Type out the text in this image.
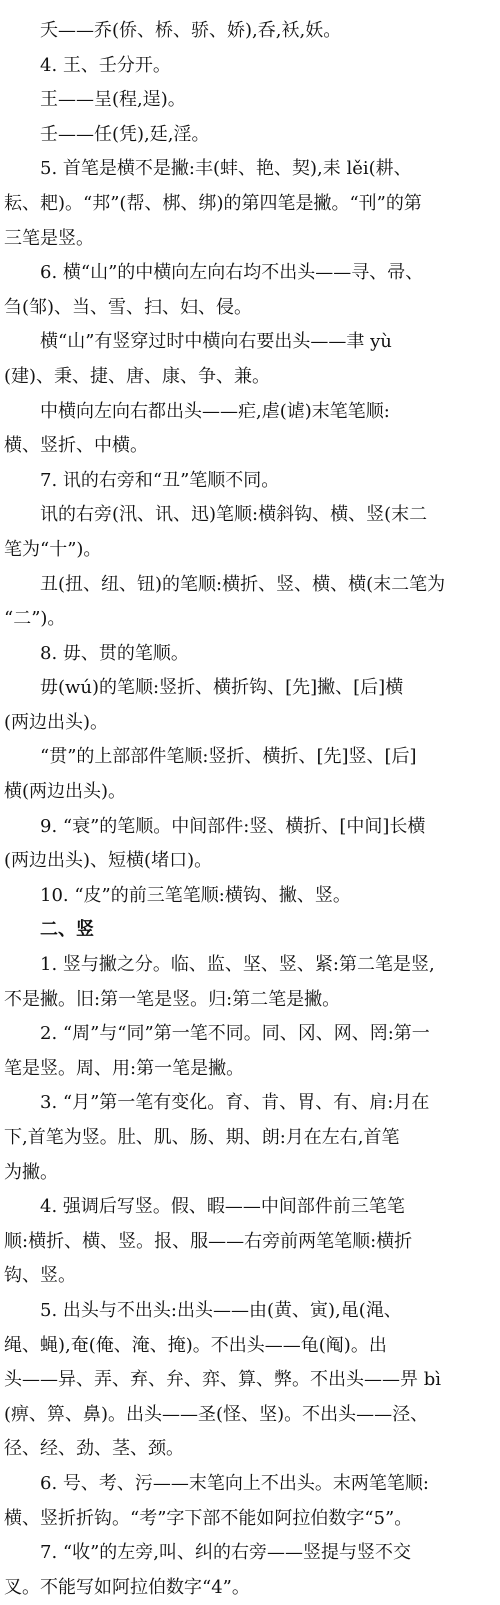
夭——乔(侨、桥、骄、娇),呑,袄,妖。

4. 王、壬分开。

王——呈(程,逞)。

壬——任(凭),廷,淫。

5. 首笔是横不是撇:丰(蚌、艳、契),耒 lěi(耕、

耘、耙)。“邦”(帮、梆、绑)的第四笔是撇。“刊”的第

三笔是竖。

6. 横“山”的中横向左向右均不出头——寻、帚、

刍(邹)、当、雪、扫、妇、侵。

横“山”有竖穿过时中横向右要出头——聿 yù

(建)、秉、捷、唐、康、争、兼。

中横向左向右都出头——疟,虐(谑)末笔笔顺:

横、竖折、中横。

7. 讯的右旁和“丑”笔顺不同。

讯的右旁(汛、讯、迅)笔顺:横斜钩、横、竖(末二

笔为“十”)。

丑(扭、纽、钮)的笔顺:横折、竖、横、横(末二笔为

“二”)。

8. 毋、贯的笔顺。

毋(wú)的笔顺:竖折、横折钩、[先]撇、[后]横

(两边出头)。

“贯”的上部部件笔顺:竖折、横折、[先]竖、[后]

横(两边出头)。

9. “衰”的笔顺。中间部件:竖、横折、[中间]长横

(两边出头)、短横(堵口)。

10. “皮”的前三笔笔顺:横钩、撇、竖。

二、竖

1. 竖与撇之分。临、监、坚、竖、紧:第二笔是竖,

不是撇。旧:第一笔是竖。归:第二笔是撇。

2. “周”与“同”第一笔不同。同、冈、网、罔:第一

笔是竖。周、用:第一笔是撇。

3. “月”第一笔有变化。育、肯、胃、有、肩:月在

下,首笔为竖。肚、肌、肠、期、朗:月在左右,首笔

为撇。

4. 强调后写竖。假、暇——中间部件前三笔笔

顺:横折、横、竖。报、服——右旁前两笔笔顺:横折

钩、竖。

5. 出头与不出头:出头——由(黄、寅),黾(渑、

绳、蝇),奄(俺、淹、掩)。不出头——龟(阄)。出

头——异、弄、弃、弁、弈、算、弊。不出头——畀 bì

(痹、箅、鼻)。出头——圣(怪、坚)。不出头——泾、

径、经、劲、茎、颈。

6. 号、考、污——末笔向上不出头。末两笔笔顺:

横、竖折折钩。“考”字下部不能如阿拉伯数字“5”。

7. “收”的左旁,叫、纠的右旁——竖提与竖不交

叉。不能写如阿拉伯数字“4”。
